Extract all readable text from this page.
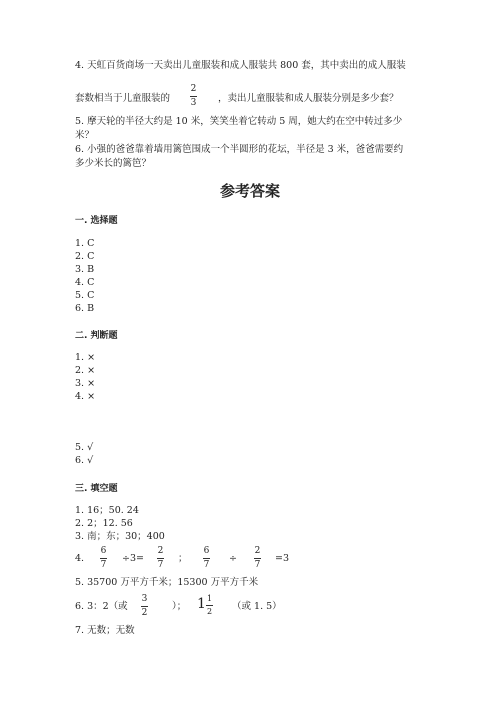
4. 天虹百货商场一天卖出儿童服装和成人服装共 800 套，其中卖出的成人服装
套数相当于儿童服装的
2
3 ，卖出儿童服装和成人服装分别是多少套？
5. 摩天轮的半径大约是 10 米，笑笑坐着它转动 5 周，她大约在空中转过多少
米？
6. 小强的爸爸靠着墙用篱笆围成一个半圆形的花坛，半径是 3 米，爸爸需要约
多少米长的篱笆？
参考答案
一. 选择题
1. C
2. C
3. B
4. C
5. C
6. B
二. 判断题
1. ×
2. ×
3. ×
4. ×
5. √
6. √
三. 填空题
1. 16；50. 24
2. 2；12. 56
3. 南；东；30；400
4.
6
7
÷3=
2
7
；
6
7
÷
2
7
=3
5. 35700 万平方千米；15300 万平方千米
6. 3：2（或
3
2
）； 1 1
2 （或 1. 5）
7. 无数；无数
